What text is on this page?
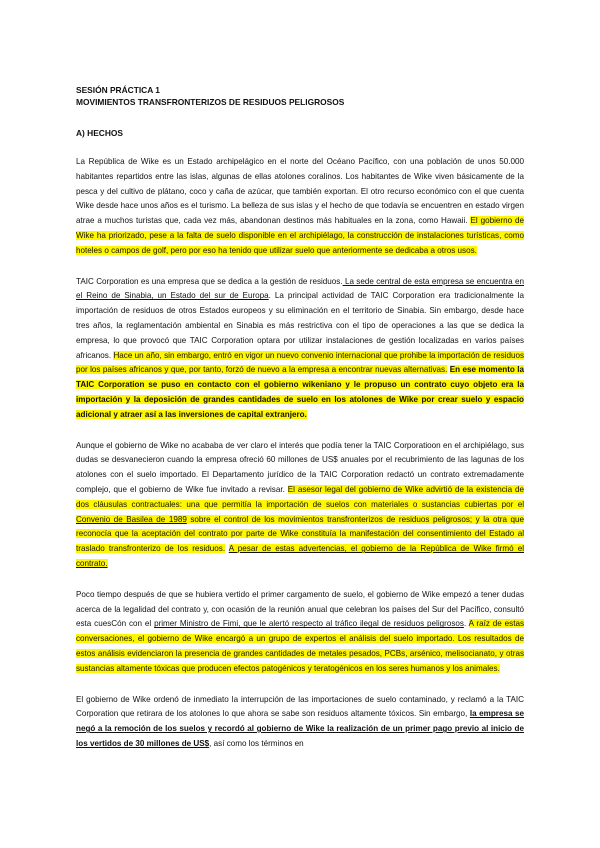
SESIÓN PRÁCTICA 1

MOVIMIENTOS TRANSFRONTERIZOS DE RESIDUOS PELIGROSOS

A) HECHOS

La República de Wike es un Estado archipelágico en el norte del Océano Pacífico, con una población de unos 50.000 habitantes repartidos entre las islas, algunas de ellas atolones coralinos. Los habitantes de Wike viven básicamente de la pesca y del cultivo de plátano, coco y caña de azúcar, que también exportan. El otro recurso económico con el que cuenta Wike desde hace unos años es el turismo. La belleza de sus islas y el hecho de que todavía se encuentren en estado virgen atrae a muchos turistas que, cada vez más, abandonan destinos más habituales en la zona, como Hawaii. El gobierno de Wike ha priorizado, pese a la falta de suelo disponible en el archipiélago, la construcción de instalaciones turísticas, como hoteles o campos de golf, pero por eso ha tenido que utilizar suelo que anteriormente se dedicaba a otros usos.

TAIC Corporation es una empresa que se dedica a la gestión de residuos. La sede central de esta empresa se encuentra en el Reino de Sinabia, un Estado del sur de Europa. La principal actividad de TAIC Corporation era tradicionalmente la importación de residuos de otros Estados europeos y su eliminación en el territorio de Sinabia. Sin embargo, desde hace tres años, la reglamentación ambiental en Sinabia es más restrictiva con el tipo de operaciones a las que se dedica la empresa, lo que provocó que TAIC Corporation optara por utilizar instalaciones de gestión localizadas en varios países africanos. Hace un año, sin embargo, entró en vigor un nuevo convenio internacional que prohibe la importación de residuos por los países africanos y que, por tanto, forzó de nuevo a la empresa a encontrar nuevas alternativas. En ese momento la TAIC Corporation se puso en contacto con el gobierno wikeniano y le propuso un contrato cuyo objeto era la importación y la deposición de grandes cantidades de suelo en los atolones de Wike por crear suelo y espacio adicional y atraer así a las inversiones de capital extranjero.

Aunque el gobierno de Wike no acababa de ver claro el interés que podía tener la TAIC Corporatioon en el archipiélago, sus dudas se desvanecieron cuando la empresa ofreció 60 millones de US$ anuales por el recubrimiento de las lagunas de los atolones con el suelo importado. El Departamento jurídico de la TAIC Corporation redactó un contrato extremadamente complejo, que el gobierno de Wike fue invitado a revisar. El asesor legal del gobierno de Wike advirtió de la existencia de dos cláusulas contractuales: una que permitía la importación de suelos con materiales o sustancias cubiertas por el Convenio de Basilea de 1989 sobre el control de los movimientos transfronterizos de residuos peligrosos; y la otra que reconocía que la aceptación del contrato por parte de Wike constituía la manifestación del consentimiento del Estado al traslado transfronterizo de los residuos. A pesar de estas advertencias, el gobierno de la República de Wike firmó el contrato.

Poco tiempo después de que se hubiera vertido el primer cargamento de suelo, el gobierno de Wike empezó a tener dudas acerca de la legalidad del contrato y, con ocasión de la reunión anual que celebran los países del Sur del Pacífico, consultó esta cuesCón con el primer Ministro de Fimi, que le alertó respecto al tráfico ilegal de residuos peligrosos. A raíz de estas conversaciones, el gobierno de Wike encargó a un grupo de expertos el análisis del suelo importado. Los resultados de estos análisis evidenciaron la presencia de grandes cantidades de metales pesados, PCBs, arsénico, melisocianato, y otras sustancias altamente tóxicas que producen efectos patogénicos y teratogénicos en los seres humanos y los animales.

El gobierno de Wike ordenó de inmediato la interrupción de las importaciones de suelo contaminado, y reclamó a la TAIC Corporation que retirara de los atolones lo que ahora se sabe son residuos altamente tóxicos. Sin embargo, la empresa se negó a la remoción de los suelos y recordó al gobierno de Wike la realización de un primer pago previo al inicio de los vertidos de 30 millones de US$, así como los términos en
